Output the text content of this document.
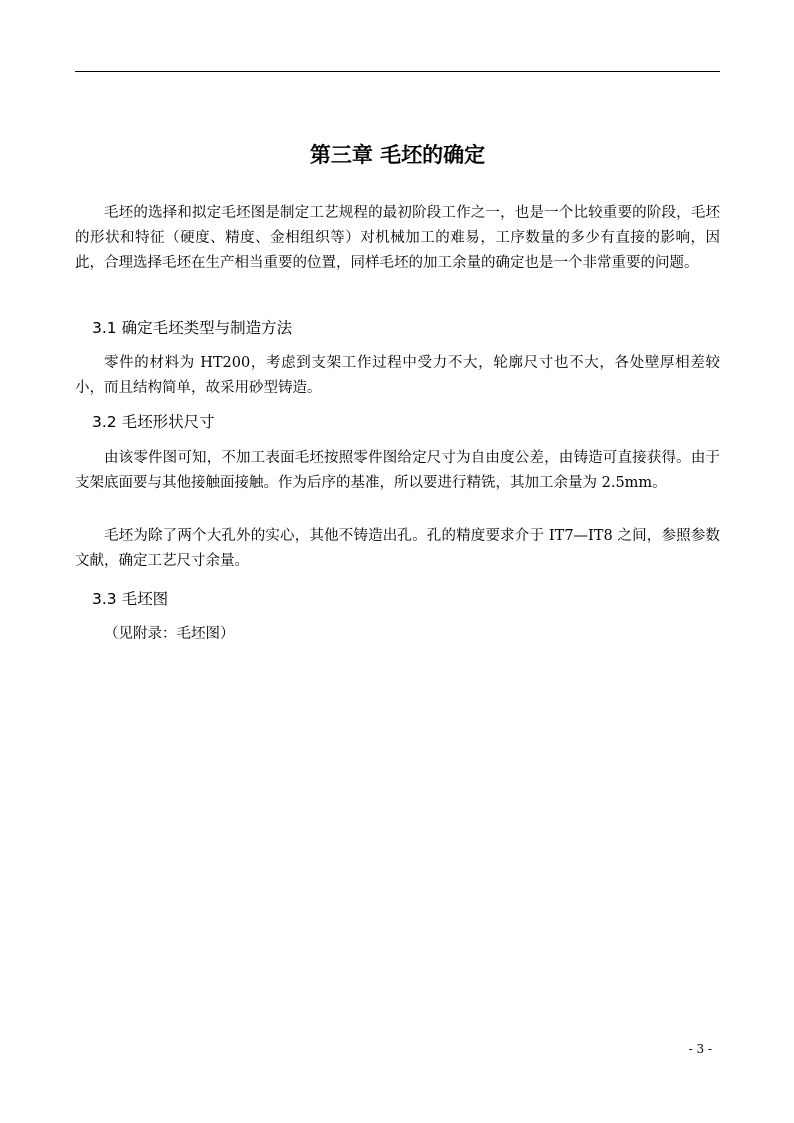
第三章 毛坯的确定

毛坯的选择和拟定毛坯图是制定工艺规程的最初阶段工作之一，也是一个比较重要的阶段，毛坯的形状和特征（硬度、精度、金相组织等）对机械加工的难易，工序数量的多少有直接的影响，因此，合理选择毛坯在生产相当重要的位置，同样毛坯的加工余量的确定也是一个非常重要的问题。

3.1 确定毛坯类型与制造方法

零件的材料为 HT200，考虑到支架工作过程中受力不大，轮廓尺寸也不大，各处壁厚相差较小，而且结构简单，故采用砂型铸造。

3.2 毛坯形状尺寸

由该零件图可知，不加工表面毛坯按照零件图给定尺寸为自由度公差，由铸造可直接获得。由于支架底面要与其他接触面接触。作为后序的基准，所以要进行精铣，其加工余量为 2.5mm。

毛坯为除了两个大孔外的实心，其他不铸造出孔。孔的精度要求介于 IT7—IT8 之间，参照参数文献，确定工艺尺寸余量。

3.3 毛坯图

（见附录：毛坯图）

- 3 -
